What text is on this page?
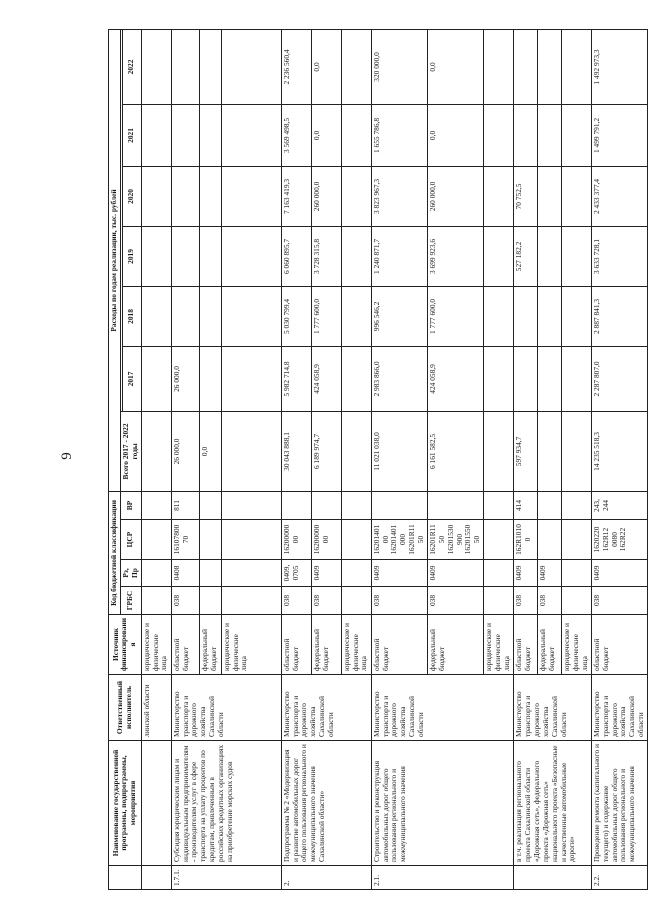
9
	Наименование государственной программы, подпрограммы, мероприятия	Ответственный исполнитель	Источник финансирования	Код бюджетной классификации				Расходы по годам реализации, тыс. рублей						
				ГРБС	Рз, Пр	ЦСР	ВР	Всего 2017 - 2022 годы						
									2017	2018	2019	2020	2021	2022
		линской области	юридические и физические лица											
1.7.1.	Субсидия юридическим лицам и индивидуальным предпринимателям - производителям услуг в сфере транспорта на уплату процентов по кредитам, привлеченным в российских кредитных организациях на приобретение морских судов	Министерство транспорта и дорожного хозяйства Сахалинской области	областной бюджет	038	0408	1610780070	811	26 000,0	26 000,0					
			федеральный бюджет					0,0						
			юридические и физические лица											
2.	Подпрограмма № 2 «Модернизация и развитие автомобильных дорог общего пользования регионального и межмуниципального значения Сахалинской области»	Министерство транспорта и дорожного хозяйства Сахалинской области	областной бюджет	038	0409, 0705	1620000000		30 043 888,1	5 982 714,8	5 030 799,4	6 060 895,7	7 163 419,3	3 569 498,5	2 236 560,4
			федеральный бюджет	038	0409	1620000000		6 189 974,7	424 058,9	1 777 600,0	3 728 315,8	260 000,0	0,0	0,0
			юридические и физические лица											
2.1.	Строительство и реконструкция автомобильных дорог общего пользования регионального и межмуниципального значения	Министерство транспорта и дорожного хозяйства Сахалинской области	областной бюджет	038	0409	1620140100 16201401000 16201R1150		11 021 038,0	2 983 866,0	996 546,2	1 240 871,7	3 823 967,3	1 655 786,8	320 000,0
			федеральный бюджет	038	0409	16201R1150 16201530900 1620155050		6 161 582,5	424 058,9	1 777 600,0	3 699 923,6	260 000,0	0,0	0,0
			юридические и физические лица											
	в т.ч. реализация регионального проекта Сахалинской области «Дорожная сеть», федерального проекта «Дорожная сеть» национального проекта «Безопасные и качественные автомобильные дороги»	Министерство транспорта и дорожного хозяйства Сахалинской области	областной бюджет	038	0409	162R10100	414	597 934,7			527 182,2	70 752,5		
			федеральный бюджет	038	0409									
			юридические и физические лица											
2.2.	Проведение ремонта (капитального и текущего) и содержание автомобильных дорог общего пользования регионального и межмуниципального значения	Министерство транспорта и дорожного хозяйства Сахалинской области	областной бюджет	038	0409	1620220 162R12 0080 162R22	243, 244	14 235 518,3	2 287 807,0	2 887 841,3	3 633 728,1	2 433 377,4	1 499 791,2	1 492 973,3
